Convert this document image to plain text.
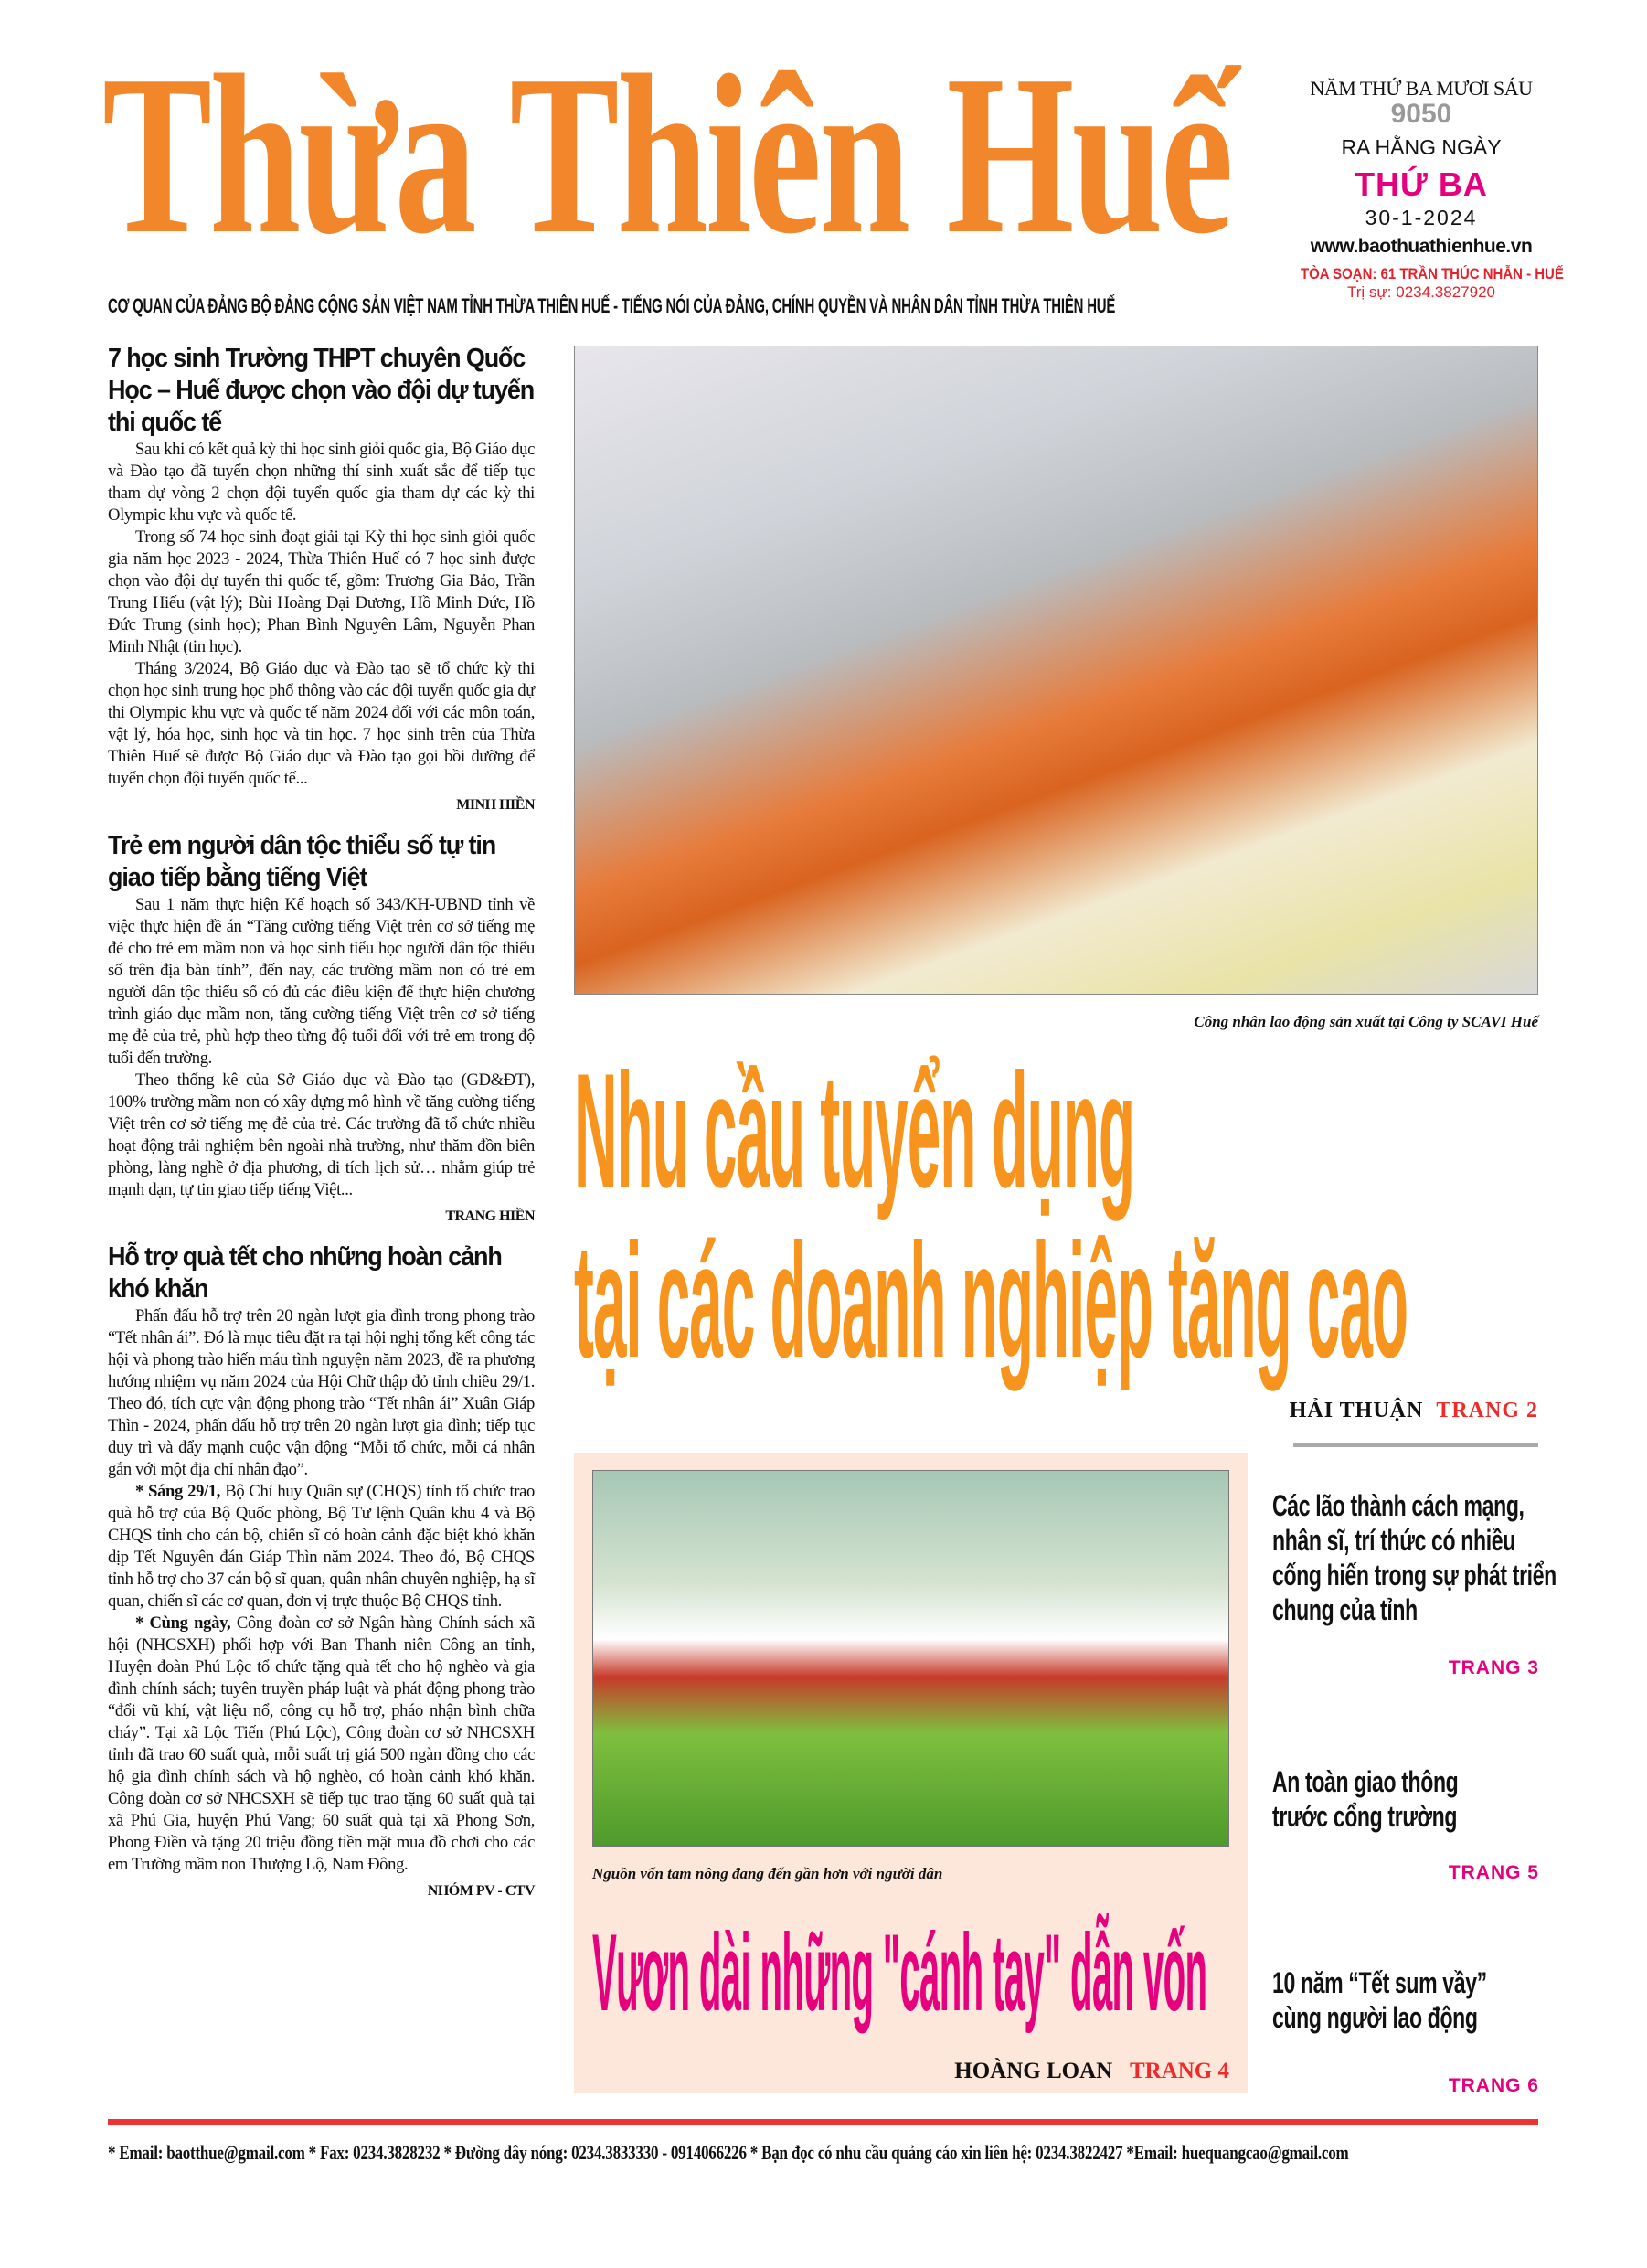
Thừa Thiên Huế	NĂM THỨ BA MƯƠI SÁU
9050
RA HẰNG NGÀY
THỨ BA
30-1-2024
www.baothuathienhue.vn
TÒA SOẠN: 61 TRẦN THÚC NHẪN - HUẾ
Trị sự: 0234.3827920
CƠ QUAN CỦA ĐẢNG BỘ ĐẢNG CỘNG SẢN VIỆT NAM TỈNH THỪA THIÊN HUẾ - TIẾNG NÓI CỦA ĐẢNG, CHÍNH QUYỀN VÀ NHÂN DÂN TỈNH THỪA THIÊN HUẾ
7 học sinh Trường THPT chuyên Quốc Học – Huế được chọn vào đội dự tuyển thi quốc tế

Sau khi có kết quả kỳ thi học sinh giỏi quốc gia, Bộ Giáo dục và Đào tạo đã tuyển chọn những thí sinh xuất sắc để tiếp tục tham dự vòng 2 chọn đội tuyển quốc gia tham dự các kỳ thi Olympic khu vực và quốc tế.

Trong số 74 học sinh đoạt giải tại Kỳ thi học sinh giỏi quốc gia năm học 2023 - 2024, Thừa Thiên Huế có 7 học sinh được chọn vào đội dự tuyển thi quốc tế, gồm: Trương Gia Bảo, Trần Trung Hiếu (vật lý); Bùi Hoàng Đại Dương, Hồ Minh Đức, Hồ Đức Trung (sinh học); Phan Bình Nguyên Lâm, Nguyễn Phan Minh Nhật (tin học).

Tháng 3/2024, Bộ Giáo dục và Đào tạo sẽ tổ chức kỳ thi chọn học sinh trung học phổ thông vào các đội tuyển quốc gia dự thi Olympic khu vực và quốc tế năm 2024 đối với các môn toán, vật lý, hóa học, sinh học và tin học. 7 học sinh trên của Thừa Thiên Huế sẽ được Bộ Giáo dục và Đào tạo gọi bồi dưỡng để tuyển chọn đội tuyển quốc tế...

MINH HIỀN
Trẻ em người dân tộc thiểu số tự tin giao tiếp bằng tiếng Việt

Sau 1 năm thực hiện Kế hoạch số 343/KH-UBND tỉnh về việc thực hiện đề án “Tăng cường tiếng Việt trên cơ sở tiếng mẹ đẻ cho trẻ em mầm non và học sinh tiểu học người dân tộc thiểu số trên địa bàn tỉnh”, đến nay, các trường mầm non có trẻ em người dân tộc thiểu số có đủ các điều kiện để thực hiện chương trình giáo dục mầm non, tăng cường tiếng Việt trên cơ sở tiếng mẹ đẻ của trẻ, phù hợp theo từng độ tuổi đối với trẻ em trong độ tuổi đến trường.

Theo thống kê của Sở Giáo dục và Đào tạo (GD&ĐT), 100% trường mầm non có xây dựng mô hình về tăng cường tiếng Việt trên cơ sở tiếng mẹ đẻ của trẻ. Các trường đã tổ chức nhiều hoạt động trải nghiệm bên ngoài nhà trường, như thăm đồn biên phòng, làng nghề ở địa phương, di tích lịch sử… nhằm giúp trẻ mạnh dạn, tự tin giao tiếp tiếng Việt...

TRANG HIỀN
Hỗ trợ quà tết cho những hoàn cảnh khó khăn

Phấn đấu hỗ trợ trên 20 ngàn lượt gia đình trong phong trào “Tết nhân ái”. Đó là mục tiêu đặt ra tại hội nghị tổng kết công tác hội và phong trào hiến máu tình nguyện năm 2023, đề ra phương hướng nhiệm vụ năm 2024 của Hội Chữ thập đỏ tỉnh chiều 29/1. Theo đó, tích cực vận động phong trào “Tết nhân ái” Xuân Giáp Thìn - 2024, phấn đấu hỗ trợ trên 20 ngàn lượt gia đình; tiếp tục duy trì và đẩy mạnh cuộc vận động “Mỗi tổ chức, mỗi cá nhân gắn với một địa chỉ nhân đạo”.

* Sáng 29/1, Bộ Chỉ huy Quân sự (CHQS) tỉnh tổ chức trao quà hỗ trợ của Bộ Quốc phòng, Bộ Tư lệnh Quân khu 4 và Bộ CHQS tỉnh cho cán bộ, chiến sĩ có hoàn cảnh đặc biệt khó khăn dịp Tết Nguyên đán Giáp Thìn năm 2024. Theo đó, Bộ CHQS tỉnh hỗ trợ cho 37 cán bộ sĩ quan, quân nhân chuyên nghiệp, hạ sĩ quan, chiến sĩ các cơ quan, đơn vị trực thuộc Bộ CHQS tỉnh.

* Cùng ngày, Công đoàn cơ sở Ngân hàng Chính sách xã hội (NHCSXH) phối hợp với Ban Thanh niên Công an tỉnh, Huyện đoàn Phú Lộc tổ chức tặng quà tết cho hộ nghèo và gia đình chính sách; tuyên truyền pháp luật và phát động phong trào “đổi vũ khí, vật liệu nổ, công cụ hỗ trợ, pháo nhận bình chữa cháy”. Tại xã Lộc Tiến (Phú Lộc), Công đoàn cơ sở NHCSXH tỉnh đã trao 60 suất quà, mỗi suất trị giá 500 ngàn đồng cho các hộ gia đình chính sách và hộ nghèo, có hoàn cảnh khó khăn. Công đoàn cơ sở NHCSXH sẽ tiếp tục trao tặng 60 suất quà tại xã Phú Gia, huyện Phú Vang; 60 suất quà tại xã Phong Sơn, Phong Điền và tặng 20 triệu đồng tiền mặt mua đồ chơi cho các em Trường mầm non Thượng Lộ, Nam Đông.

NHÓM PV - CTV
Công nhân lao động sản xuất tại Công ty SCAVI Huế
Nhu cầu tuyển dụng
tại các doanh nghiệp tăng cao
HẢI THUẬN TRANG 2
Nguồn vốn tam nông đang đến gần hơn với người dân
Vươn dài những "cánh tay" dẫn vốn
HOÀNG LOAN TRANG 4
Các lão thành cách mạng,
nhân sĩ, trí thức có nhiều
cống hiến trong sự phát triển
chung của tỉnh
TRANG 3
An toàn giao thông
trước cổng trường
TRANG 5
10 năm “Tết sum vầy”
cùng người lao động
TRANG 6
* Email: baotthue@gmail.com * Fax: 0234.3828232 * Đường dây nóng: 0234.3833330 - 0914066226 * Bạn đọc có nhu cầu quảng cáo xin liên hệ: 0234.3822427 *Email: huequangcao@gmail.com
